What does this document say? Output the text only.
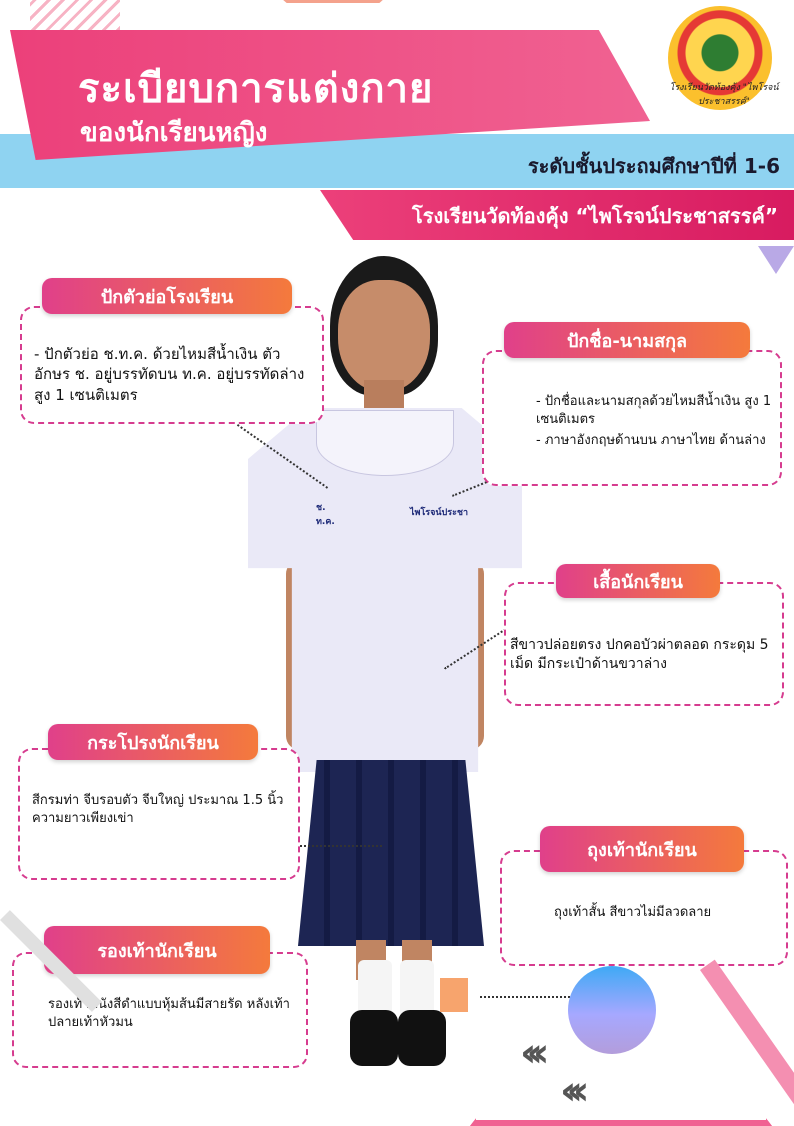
ระเบียบการแต่งกาย
ของนักเรียนหญิง
ระดับชั้นประถมศึกษาปีที่ 1-6
โรงเรียนวัดท้องคุ้ง “ไพโรจน์ประชาสรรค์”
โรงเรียนวัดท้องคุ้ง "ไพโรจน์ประชาสรรค์"
ช. ท.ค.
ไพโรจน์ประชา
ปักตัวย่อโรงเรียน
- ปักตัวย่อ ช.ท.ค. ด้วยไหมสีน้ำเงิน ตัวอักษร ช. อยู่บรรทัดบน ท.ค. อยู่บรรทัดล่าง สูง 1 เซนติเมตร
ปักชื่อ-นามสกุล
- ปักชื่อและนามสกุลด้วยไหมสีน้ำเงิน สูง 1 เซนติเมตร
- ภาษาอังกฤษด้านบน ภาษาไทย ด้านล่าง
เสื้อนักเรียน
สีขาวปล่อยตรง ปกคอบัวผ่าตลอด กระดุม 5 เม็ด มีกระเป๋าด้านขวาล่าง
กระโปรงนักเรียน
สีกรมท่า จีบรอบตัว จีบใหญ่ ประมาณ 1.5 นิ้ว ความยาวเพียงเข่า
ถุงเท้านักเรียน
ถุงเท้าสั้น สีขาวไม่มีลวดลาย
รองเท้านักเรียน
รองเท้าหนังสีดำแบบหุ้มส้นมีสายรัด หลังเท้า ปลายเท้าหัวมน
‹‹‹
‹‹‹
